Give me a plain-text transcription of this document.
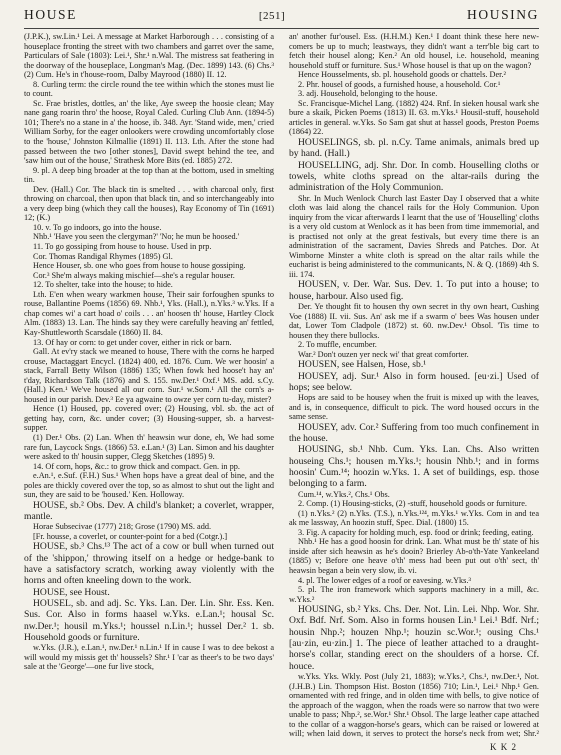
HOUSE	[251]	HOUSING

(J.P.K.), sw.Lin.¹ Lei. A message at Market Harborough . . . consisting of a houseplace fronting the street with two chambers and garret over the same, Particulars of Sale (1803): Lei.¹, Shr.¹ n.Wal. The mistress sat feathering in the doorway of the houseplace, Longman's Mag. (Dec. 1899) 143. (6) Chs.³ (2) Cum. He's in t'house-room, Dalby Mayrood (1880) II. 12.

8. Curling term: the circle round the tee within which the stones must lie to count.

Sc. Frae bristles, dottles, an' the like, Aye sweep the hoosie clean; May nane gang roarin thro' the hoose, Royal Caled. Curling Club Ann. (1894-5) 101; There's no a stane in a' the hoose, ib. 348. Ayr. 'Stand wide, men,' cried William Sorby, for the eager onlookers were crowding uncomfortably close to the 'house,' Johnston Kilmallie (1891) II. 113. Lth. After the stone had passed between the two [other stones], David swept behind the tee, and 'saw him out of the house,' Strathesk More Bits (ed. 1885) 272.

9. pl. A deep bing broader at the top than at the bottom, used in smelting tin.

Dev. (Hall.) Cor. The black tin is smelted . . . with charcoal only, first throwing on charcoal, then upon that black tin, and so interchangeably into a very deep bing (which they call the houses), Ray Economy of Tin (1691) 12; (K.)

10. v. To go indoors, go into the house.

Nhb.¹ 'Have you seen the clergyman?' 'No; he mun be hoosed.'

11. To go gossiping from house to house. Used in prp.

Cor. Thomas Randigal Rhymes (1895) Gl.

Hence Houser, sb. one who goes from house to house gossiping.

Cor.³ She'm always making mischief—she's a regular houser.

12. To shelter, take into the house; to hide.

Lth. E'en when weary warkmen house, Their sair forfoughen spunks to rouse, Ballantine Poems (1856) 69. Nhb.¹, Yks. (Hall.), n.Yks.³ w.Yks. If a chap comes wi' a cart hoad o' coils . . . an' hoosen th' house, Hartley Clock Alm. (1883) 13. Lan. The hinds say they were carefully heaving an' fettled, Kay-Shuttleworth Scarsdale (1860) II. 84.

13. Of hay or corn: to get under cover, either in rick or barn.

Gall. At ev'ry stack we meaned to house, There with the corns he harped crouse, Mactaggart Encycl. (1824) 400, ed. 1876. Cum. We wer hoosin' a stack, Farrall Betty Wilson (1886) 135; When fowk hed hoose't hay an' t'day, Richardson Talk (1876) and S. 155. nw.Der.¹ Oxf.¹ MS. add. s.Cy. (Hall.) Ken.¹ We've housed all our corn. Sur.¹ w.Som.¹ All the corn's a-housed in our parish. Dev.³ Ee ya agwaine to owze yer corn tu-day, mister?

Hence (1) Housed, pp. covered over; (2) Housing, vbl. sb. the act of getting hay, corn, &c. under cover; (3) Housing-supper, sb. a harvest-supper.

(1) Der.¹ Obs. (2) Lan. When th' heawsin wur done, eh, We had some rare fun, Laycock Sngs. (1866) 53. e.Lan.¹ (3) Lan. Simon and his daughter were asked to th' housin supper, Clegg Sketches (1895) 9.

14. Of corn, hops, &c.: to grow thick and compact. Gen. in pp.

e.An.¹, e.Suf. (F.H.) Sus.¹ When hops have a great deal of bine, and the poles are thickly covered over the top, so as almost to shut out the light and sun, they are said to be 'housed.' Ken. Holloway.

HOUSE, sb.² Obs. Dev. A child's blanket; a coverlet, wrapper, mantle.

Horae Subsecivae (1777) 218; Grose (1790) MS. add.

[Fr. housse, a coverlet, or counter-point for a bed (Cotgr.).]

HOUSE, sb.³ Chs.¹³ The act of a cow or bull when turned out of the 'shippon,' throwing itself on a hedge or hedge-bank to have a satisfactory scratch, working away violently with the horns and often kneeling down to the work.

HOUSE, see Houst.

HOUSEL, sb. and adj. Sc. Yks. Lan. Der. Lin. Shr. Ess. Ken. Sus. Cor. Also in forms haasel w.Yks. e.Lan.¹; housal Sc. nw.Der.¹; housil m.Yks.¹; houssel n.Lin.¹; hussel Der.² 1. sb. Household goods or furniture.

w.Yks. (J.R.), e.Lan.¹, nw.Der.¹ n.Lin.¹ If in cause I was to dee bekost a will would my missis get th' houssels? Shr.¹ I 'car as theer's to be two days' sale at the 'George'—one fur live stock,

an' another fur'ousel. Ess. (H.H.M.) Ken.¹ I doant think these here new-comers be up to much; leastways, they didn't want a terr'ble big cart to fetch their housel along; Ken.² An old housel, i.e. household, meaning household stuff or furniture. Sus.¹ Whose housel is that up on the wagon?

Hence Housselments, sb. pl. household goods or chattels. Der.²

2. Phr. housel of goods, a furnished house, a household. Cor.¹

3. adj. Household, belonging to the house.

Sc. Francisque-Michel Lang. (1882) 424. Rnf. In sieken housal wark she bure a skaik, Picken Poems (1813) II. 63. m.Yks.¹ Housil-stuff, household articles in general. w.Yks. So Sam gat shut at hassel goods, Preston Poems (1864) 22.

HOUSELINGS, sb. pl. n.Cy. Tame animals, animals bred up by hand. (Hall.)

HOUSELLING, adj. Shr. Dor. In comb. Houselling cloths or towels, white cloths spread on the altar-rails during the administration of the Holy Communion.

Shr. In Much Wenlock Church last Easter Day I observed that a white cloth was laid along the chancel rails for the Holy Communion. Upon inquiry from the vicar afterwards I learnt that the use of 'Houselling' cloths is a very old custom at Wenlock as it has been from time immemorial, and is practised not only at the great festivals, but every time there is an administration of the sacrament, Davies Shreds and Patches. Dor. At Wimborne Minster a white cloth is spread on the altar rails while the eucharist is being administered to the communicants, N. & Q. (1869) 4th S. iii. 174.

HOUSEN, v. Der. War. Sus. Dev. 1. To put into a house; to house, harbour. Also used fig.

Der. Ye thought fit to housen thy own secret in thy own heart, Cushing Voe (1888) II. vii. Sus. An' ask me if a swarm o' bees Was housen under dat, Lower Tom Cladpole (1872) st. 60. nw.Dev.¹ Obsol. 'Tis time to housen they there bullocks.

2. To muffle, encumber.

War.² Don't ouzen yer neck wi' that great comforter.

HOUSEN, see Halsen, Hose, sb.¹

HOUSEY, adj. Sur.¹ Also in form housed. [eu·zi.] Used of hops; see below.

Hops are said to be housey when the fruit is mixed up with the leaves, and is, in consequence, difficult to pick. The word housed occurs in the same sense.

HOUSEY, adv. Cor.² Suffering from too much confinement in the house.

HOUSING, sb.¹ Nhb. Cum. Yks. Lan. Chs. Also written houseing Chs.¹; housen m.Yks.¹; housin Nhb.¹; and in forms hoosin' Cum.¹⁴; hoozin w.Yks. 1. A set of buildings, esp. those belonging to a farm.

Cum.¹⁴, w.Yks.², Chs.¹ Obs.

2. Comp. (1) Housing-sticks, (2) -stuff, household goods or furniture.

(1) n.Yks.² (2) n.Yks. (T.S.), n.Yks.¹²⁴, m.Yks.¹ w.Yks. Com in and tea ak me lassway, An hoozin stuff, Spec. Dial. (1800) 15.

3. Fig. A capacity for holding much, esp. food or drink; feeding, eating.

Nhb.¹ He has a good hoosin for drink. Lan. What must be th' state of his inside after sich heawsin as he's dooin? Brierley Ab-o'th-Yate Yankeeland (1885) v; Before one heave o'th' mess had been put out o'th' sect, th' heawsin began a bein very slow, ib. vi.

4. pl. The lower edges of a roof or eavesing. w.Yks.³

5. pl. The iron framework which supports machinery in a mill, &c. w.Yks.²

HOUSING, sb.² Yks. Chs. Der. Not. Lin. Lei. Nhp. Wor. Shr. Oxf. Bdf. Nrf. Som. Also in forms housen Lin.¹ Lei.¹ Bdf. Nrf.; housin Nhp.²; houzen Nhp.¹; houzin sc.Wor.¹; ousing Chs.¹ [au·zin, eu·zin.] 1. The piece of leather attached to a draught-horse's collar, standing erect on the shoulders of a horse. Cf. houce.

w.Yks. Yks. Wkly. Post (July 21, 1883); w.Yks.², Chs.¹, nw.Der.¹, Not. (J.H.B.) Lin. Thompson Hist. Boston (1856) 710; Lin.¹, Lei.¹ Nhp.¹ Gen. ornamented with red fringe, and in olden time with bells, to give notice of the approach of the waggon, when the roads were so narrow that two were unable to pass; Nhp.², se.Wor.¹ Shr.¹ Obsol. The large leather cape attached to the collar of a waggon-horse's gears, which can be raised or lowered at will; when laid down, it serves to protect the horse's neck from wet; Shr.²

K K 2
